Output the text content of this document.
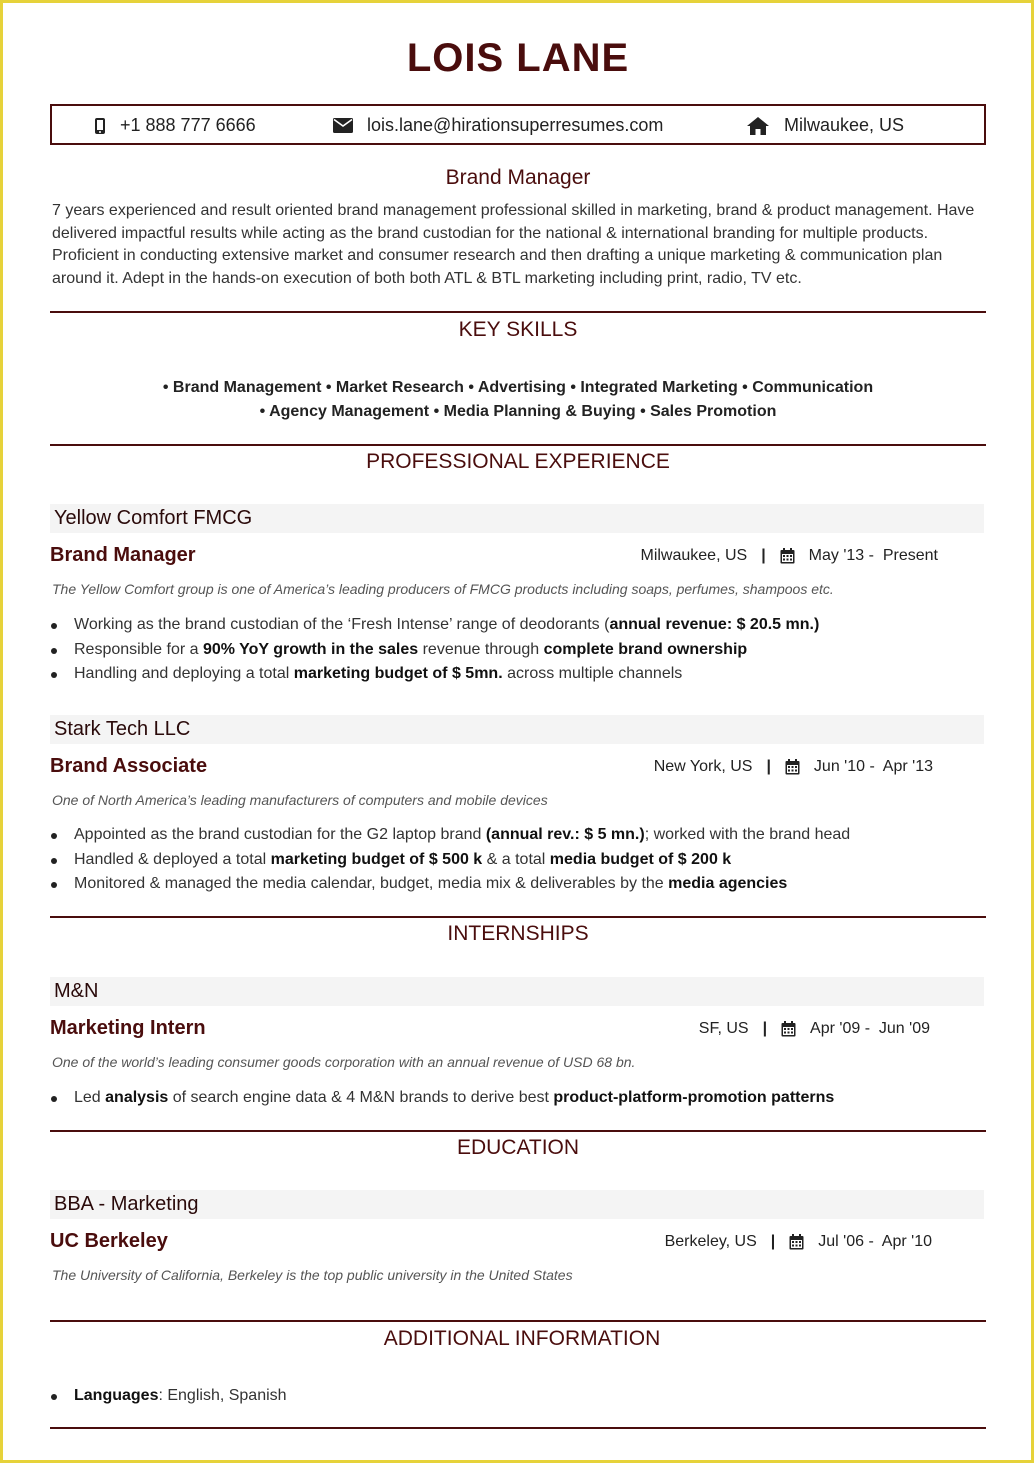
LOIS LANE
+1 888 777 6666	lois.lane@hirationsuperresumes.com	Milwaukee, US
Brand Manager
7 years experienced and result oriented brand management professional skilled in marketing, brand & product management. Have delivered impactful results while acting as the brand custodian for the national & international branding for multiple products. Proficient in conducting extensive market and consumer research and then drafting a unique marketing & communication plan around it. Adept in the hands-on execution of both both ATL & BTL marketing including print, radio, TV etc.
KEY SKILLS
• Brand Management • Market Research • Advertising • Integrated Marketing • Communication
• Agency Management • Media Planning & Buying • Sales Promotion
PROFESSIONAL EXPERIENCE
Yellow Comfort FMCG
Brand Manager	Milwaukee, US |	May '13 -  Present
The Yellow Comfort group is one of America’s leading producers of FMCG products including soaps, perfumes, shampoos etc.
Working as the brand custodian of the ‘Fresh Intense’ range of deodorants (annual revenue: $ 20.5 mn.)
Responsible for a 90% YoY growth in the sales revenue through complete brand ownership
Handling and deploying a total marketing budget of $ 5mn. across multiple channels
Stark Tech LLC
Brand Associate	New York, US |	Jun '10 -  Apr '13
One of North America’s leading manufacturers of computers and mobile devices
Appointed as the brand custodian for the G2 laptop brand (annual rev.: $ 5 mn.); worked with the brand head
Handled & deployed a total marketing budget of $ 500 k & a total media budget of $ 200 k
Monitored & managed the media calendar, budget, media mix & deliverables by the media agencies
INTERNSHIPS
M&N
Marketing Intern	SF, US |	Apr '09 -  Jun '09
One of the world’s leading consumer goods corporation with an annual revenue of USD 68 bn.
Led analysis of search engine data & 4 M&N brands to derive best product-platform-promotion patterns
EDUCATION
BBA - Marketing
UC Berkeley	Berkeley, US |	Jul '06 -  Apr '10
The University of California, Berkeley is the top public university in the United States
ADDITIONAL INFORMATION
Languages: English, Spanish
